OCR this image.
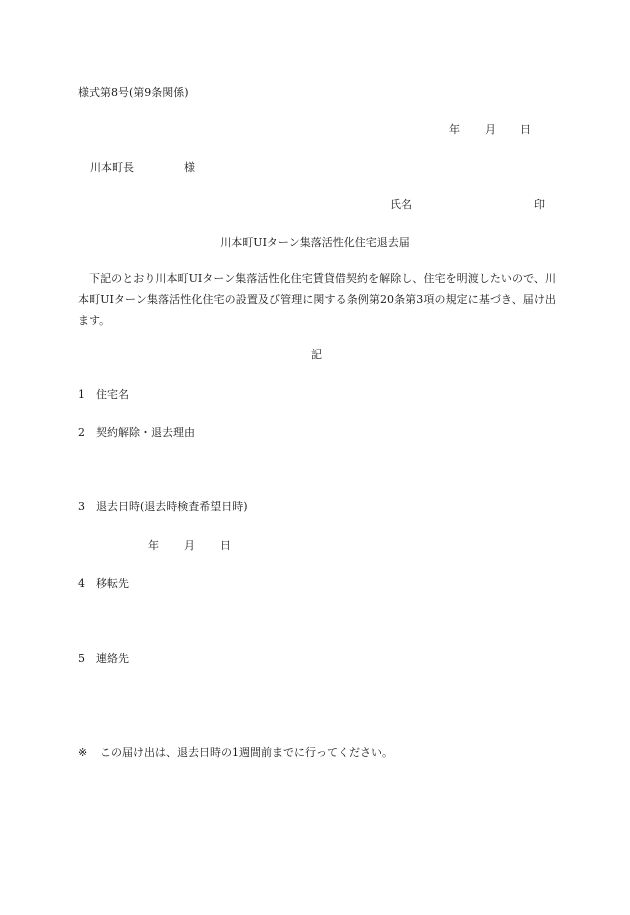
様式第8号(第9条関係)
年 月 日
川本町長	様
氏名	印
川本町UIターン集落活性化住宅退去届

下記のとおり川本町UIターン集落活性化住宅賃貸借契約を解除し、住宅を明渡したいので、川本町UIターン集落活性化住宅の設置及び管理に関する条例第20条第3項の規定に基づき、届け出ます。

記
1 住宅名
2 契約解除・退去理由
3 退去日時(退去時検査希望日時)
年 月 日
4 移転先
5 連絡先
※ この届け出は、退去日時の1週間前までに行ってください。
